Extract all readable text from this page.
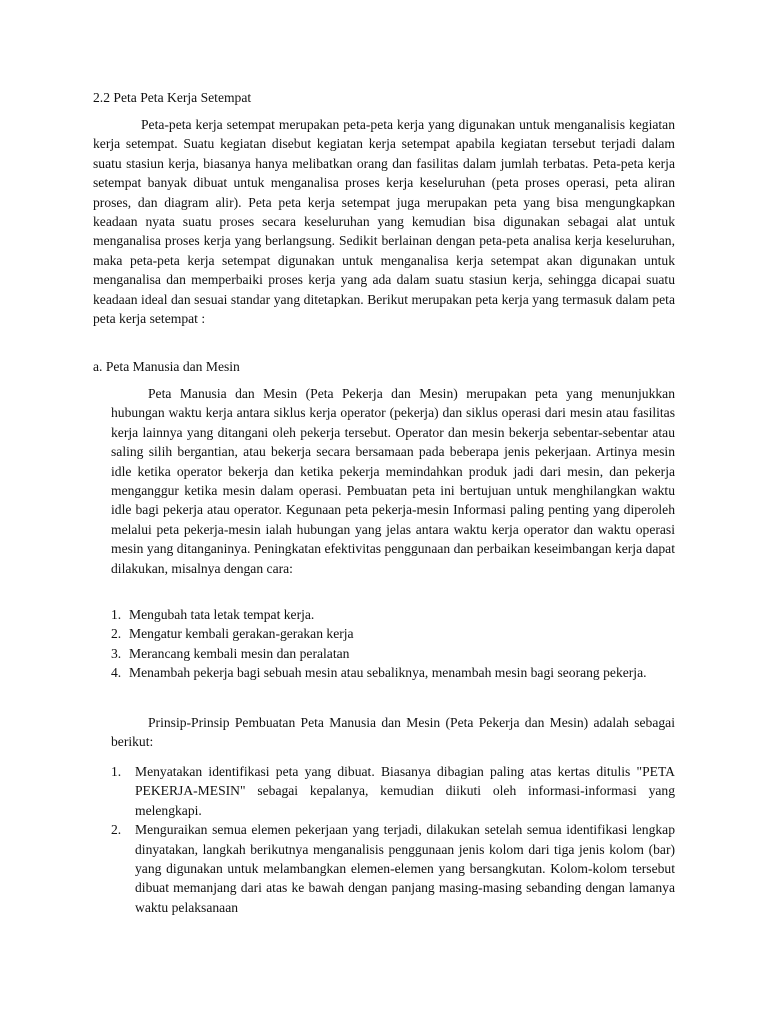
2.2 Peta Peta Kerja Setempat

Peta-peta kerja setempat merupakan peta-peta kerja yang digunakan untuk menganalisis kegiatan kerja setempat. Suatu kegiatan disebut kegiatan kerja setempat apabila kegiatan tersebut terjadi dalam suatu stasiun kerja, biasanya hanya melibatkan orang dan fasilitas dalam jumlah terbatas. Peta-peta kerja setempat banyak dibuat untuk menganalisa proses kerja keseluruhan (peta proses operasi, peta aliran proses, dan diagram alir). Peta peta kerja setempat juga merupakan peta yang bisa mengungkapkan keadaan nyata suatu proses secara keseluruhan yang kemudian bisa digunakan sebagai alat untuk menganalisa proses kerja yang berlangsung. Sedikit berlainan dengan peta-peta analisa kerja keseluruhan, maka peta-peta kerja setempat digunakan untuk menganalisa kerja setempat akan digunakan untuk menganalisa dan memperbaiki proses kerja yang ada dalam suatu stasiun kerja, sehingga dicapai suatu keadaan ideal dan sesuai standar yang ditetapkan. Berikut merupakan peta kerja yang termasuk dalam peta peta kerja setempat :

a. Peta Manusia dan Mesin

Peta Manusia dan Mesin (Peta Pekerja dan Mesin) merupakan peta yang menunjukkan hubungan waktu kerja antara siklus kerja operator (pekerja) dan siklus operasi dari mesin atau fasilitas kerja lainnya yang ditangani oleh pekerja tersebut. Operator dan mesin bekerja sebentar-sebentar atau saling silih bergantian, atau bekerja secara bersamaan pada beberapa jenis pekerjaan. Artinya mesin idle ketika operator bekerja dan ketika pekerja memindahkan produk jadi dari mesin, dan pekerja menganggur ketika mesin dalam operasi. Pembuatan peta ini bertujuan untuk menghilangkan waktu idle bagi pekerja atau operator. Kegunaan peta pekerja-mesin Informasi paling penting yang diperoleh melalui peta pekerja-mesin ialah hubungan yang jelas antara waktu kerja operator dan waktu operasi mesin yang ditanganinya. Peningkatan efektivitas penggunaan dan perbaikan keseimbangan kerja dapat dilakukan, misalnya dengan cara:

1. Mengubah tata letak tempat kerja.
2. Mengatur kembali gerakan-gerakan kerja
3. Merancang kembali mesin dan peralatan
4. Menambah pekerja bagi sebuah mesin atau sebaliknya, menambah mesin bagi seorang pekerja.

Prinsip-Prinsip Pembuatan Peta Manusia dan Mesin (Peta Pekerja dan Mesin) adalah sebagai berikut:

1. Menyatakan identifikasi peta yang dibuat. Biasanya dibagian paling atas kertas ditulis "PETA PEKERJA-MESIN" sebagai kepalanya, kemudian diikuti oleh informasi-informasi yang melengkapi.
2. Menguraikan semua elemen pekerjaan yang terjadi, dilakukan setelah semua identifikasi lengkap dinyatakan, langkah berikutnya menganalisis penggunaan jenis kolom dari tiga jenis kolom (bar) yang digunakan untuk melambangkan elemen-elemen yang bersangkutan. Kolom-kolom tersebut dibuat memanjang dari atas ke bawah dengan panjang masing-masing sebanding dengan lamanya waktu pelaksanaan
